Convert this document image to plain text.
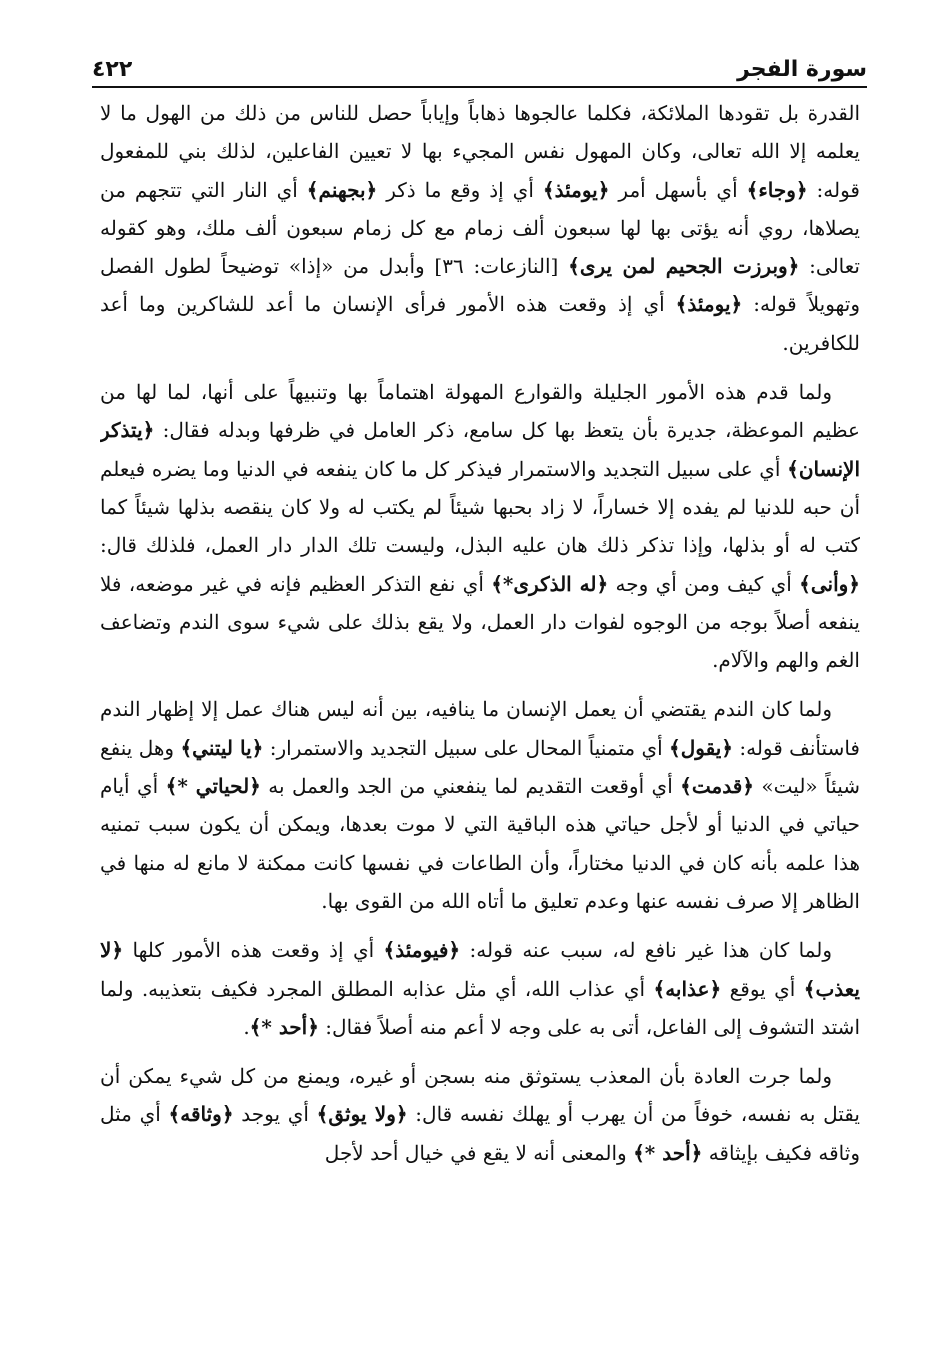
سورة الفجر
٤٢٢

القدرة بل تقودها الملائكة، فكلما عالجوها ذهاباً وإياباً حصل للناس من ذلك من الهول ما لا يعلمه إلا الله تعالى، وكان المهول نفس المجيء بها لا تعيين الفاعلين، لذلك بني للمفعول قوله: ﴿وجاء﴾ أي بأسهل أمر ﴿يومئذ﴾ أي إذ وقع ما ذكر ﴿بجهنم﴾ أي النار التي تتجهم من يصلاها، روي أنه يؤتى بها لها سبعون ألف زمام مع كل زمام سبعون ألف ملك، وهو كقوله تعالى: ﴿وبرزت الجحيم لمن يرى﴾ [النازعات: ٣٦] وأبدل من «إذا» توضيحاً لطول الفصل وتهويلاً قوله: ﴿يومئذ﴾ أي إذ وقعت هذه الأمور فرأى الإنسان ما أعد للشاكرين وما أعد للكافرين.

ولما قدم هذه الأمور الجليلة والقوارع المهولة اهتماماً بها وتنبيهاً على أنها، لما لها من عظيم الموعظة، جديرة بأن يتعظ بها كل سامع، ذكر العامل في ظرفها وبدله فقال: ﴿يتذكر الإنسان﴾ أي على سبيل التجديد والاستمرار فيذكر كل ما كان ينفعه في الدنيا وما يضره فيعلم أن حبه للدنيا لم يفده إلا خساراً، لا زاد بحبها شيئاً لم يكتب له ولا كان ينقصه بذلها شيئاً كما كتب له أو بذلها، وإذا تذكر ذلك هان عليه البذل، وليست تلك الدار دار العمل، فلذلك قال: ﴿وأنى﴾ أي كيف ومن أي وجه ﴿له الذكرى*﴾ أي نفع التذكر العظيم فإنه في غير موضعه، فلا ينفعه أصلاً بوجه من الوجوه لفوات دار العمل، ولا يقع بذلك على شيء سوى الندم وتضاعف الغم والهم والآلام.

ولما كان الندم يقتضي أن يعمل الإنسان ما ينافيه، بين أنه ليس هناك عمل إلا إظهار الندم فاستأنف قوله: ﴿يقول﴾ أي متمنياً المحال على سبيل التجديد والاستمرار: ﴿يا ليتني﴾ وهل ينفع شيئاً «ليت» ﴿قدمت﴾ أي أوقعت التقديم لما ينفعني من الجد والعمل به ﴿لحياتي *﴾ أي أيام حياتي في الدنيا أو لأجل حياتي هذه الباقية التي لا موت بعدها، ويمكن أن يكون سبب تمنيه هذا علمه بأنه كان في الدنيا مختاراً، وأن الطاعات في نفسها كانت ممكنة لا مانع له منها في الظاهر إلا صرف نفسه عنها وعدم تعليق ما أتاه الله من القوى بها.

ولما كان هذا غير نافع له، سبب عنه قوله: ﴿فيومئذ﴾ أي إذ وقعت هذه الأمور كلها ﴿لا يعذب﴾ أي يوقع ﴿عذابه﴾ أي عذاب الله، أي مثل عذابه المطلق المجرد فكيف بتعذيبه. ولما اشتد التشوف إلى الفاعل، أتى به على وجه لا أعم منه أصلاً فقال: ﴿أحد *﴾.

ولما جرت العادة بأن المعذب يستوثق منه بسجن أو غيره، ويمنع من كل شيء يمكن أن يقتل به نفسه، خوفاً من أن يهرب أو يهلك نفسه قال: ﴿ولا يوثق﴾ أي يوجد ﴿وثاقه﴾ أي مثل وثاقه فكيف بإيثاقه ﴿أحد *﴾ والمعنى أنه لا يقع في خيال أحد لأجل
